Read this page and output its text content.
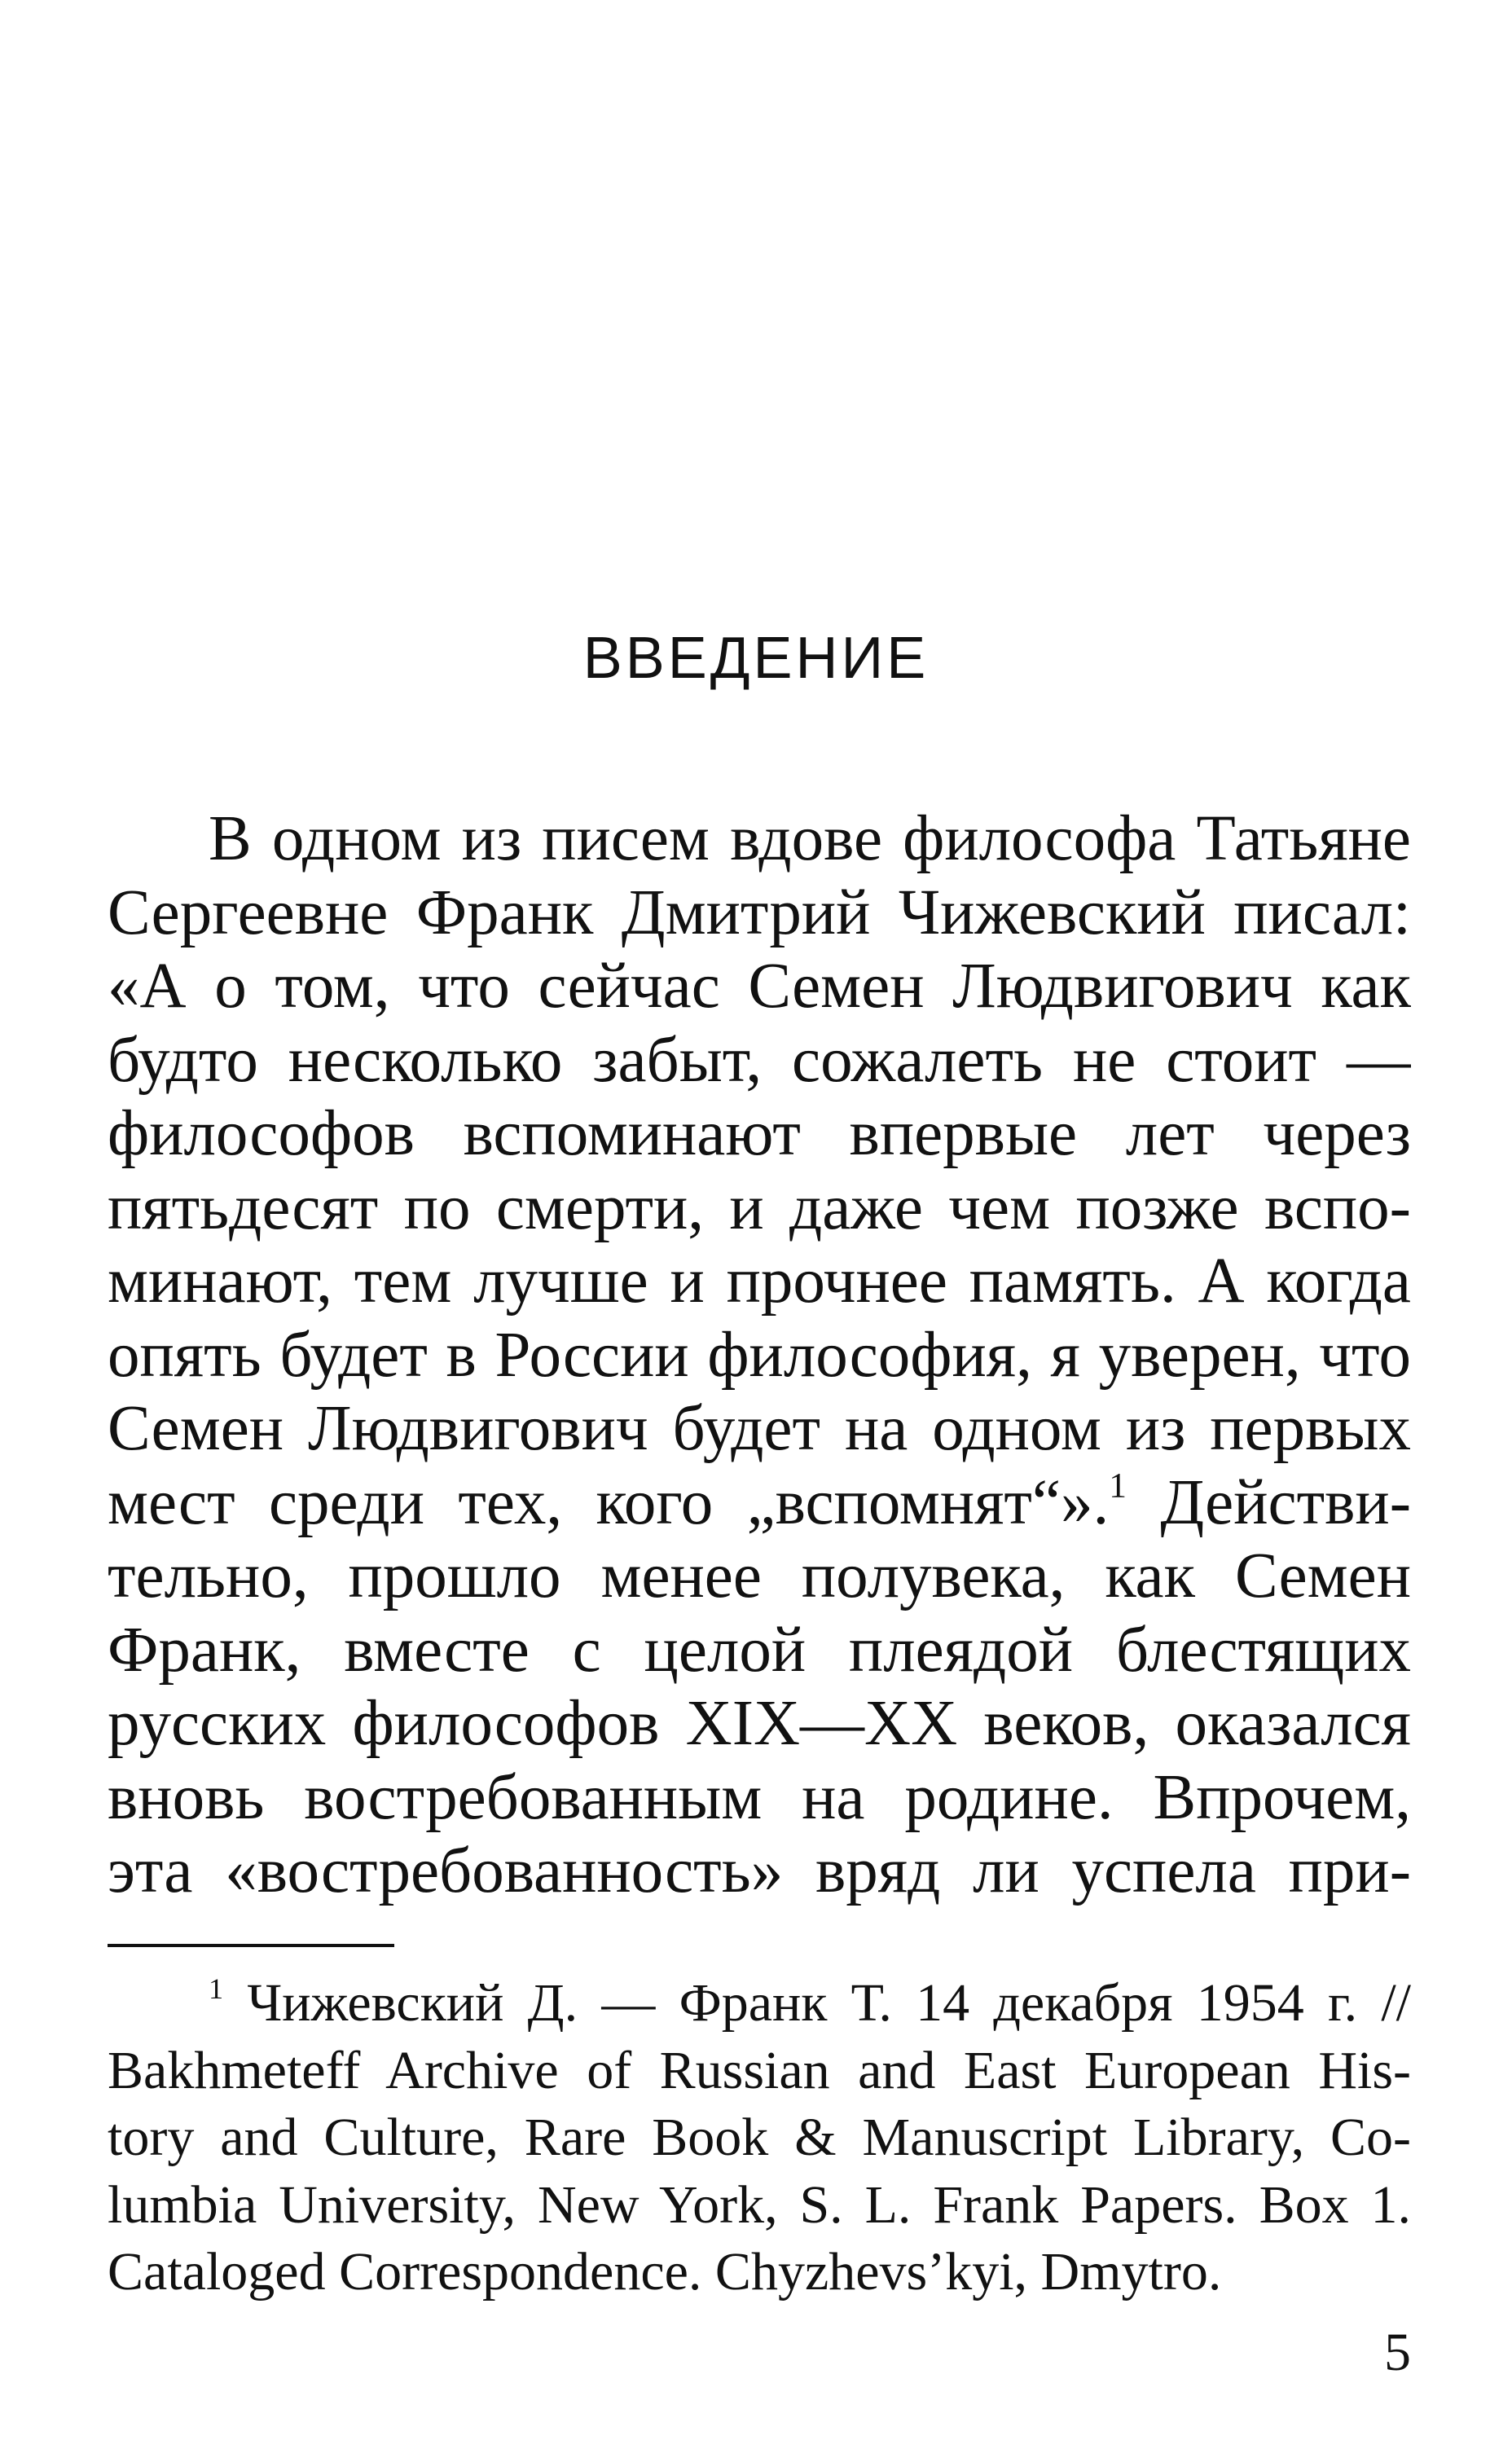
ВВЕДЕНИЕ
В одном из писем вдове философа Татьяне
Сергеевне Франк Дмитрий Чижевский писал:
«А о том, что сейчас Семен Людвигович как
будто несколько забыт, сожалеть не стоит —
философов вспоминают впервые лет через
пятьдесят по смерти, и даже чем позже вспо-
минают, тем лучше и прочнее память. А когда
опять будет в России философия, я уверен, что
Семен Людвигович будет на одном из первых
мест среди тех, кого „вспомнят“».$^1$ Действи-
тельно, прошло менее полувека, как Семен
Франк, вместе с целой плеядой блестящих
русских философов XIX—XX веков, оказался
вновь востребованным на родине. Впрочем,
эта «востребованность» вряд ли успела при-
$^1$ Чижевский Д. — Франк Т. 14 декабря 1954 г. //
Bakhmeteff Archive of Russian and East European His-
tory and Culture, Rare Book & Manuscript Library, Co-
lumbia University, New York, S. L. Frank Papers. Box 1.
Cataloged Correspondence. Chyzhevs’kyi, Dmytro.
5
